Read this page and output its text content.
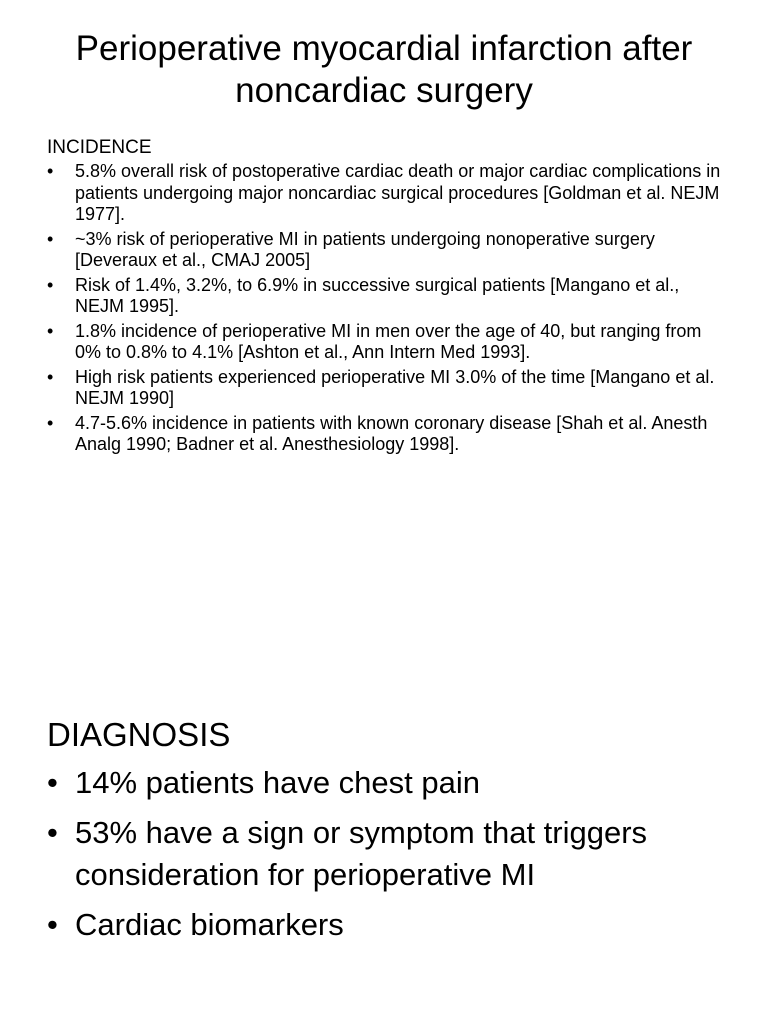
Perioperative myocardial infarction after noncardiac surgery
INCIDENCE
• 5.8% overall risk of postoperative cardiac death or major cardiac complications in patients undergoing major noncardiac surgical procedures [Goldman et al. NEJM 1977].
• ~3% risk of perioperative MI in patients undergoing nonoperative surgery [Deveraux et al., CMAJ 2005]
• Risk of 1.4%, 3.2%, to 6.9% in successive surgical patients [Mangano et al., NEJM 1995].
• 1.8% incidence of perioperative MI in men over the age of 40, but ranging from 0% to 0.8% to 4.1% [Ashton et al., Ann Intern Med 1993].
• High risk patients experienced perioperative MI 3.0% of the time [Mangano et al. NEJM 1990]
• 4.7-5.6% incidence in patients with known coronary disease [Shah et al. Anesth Analg 1990; Badner et al. Anesthesiology 1998].
DIAGNOSIS
• 14% patients have chest pain
• 53% have a sign or symptom that triggers consideration for perioperative MI
• Cardiac biomarkers
